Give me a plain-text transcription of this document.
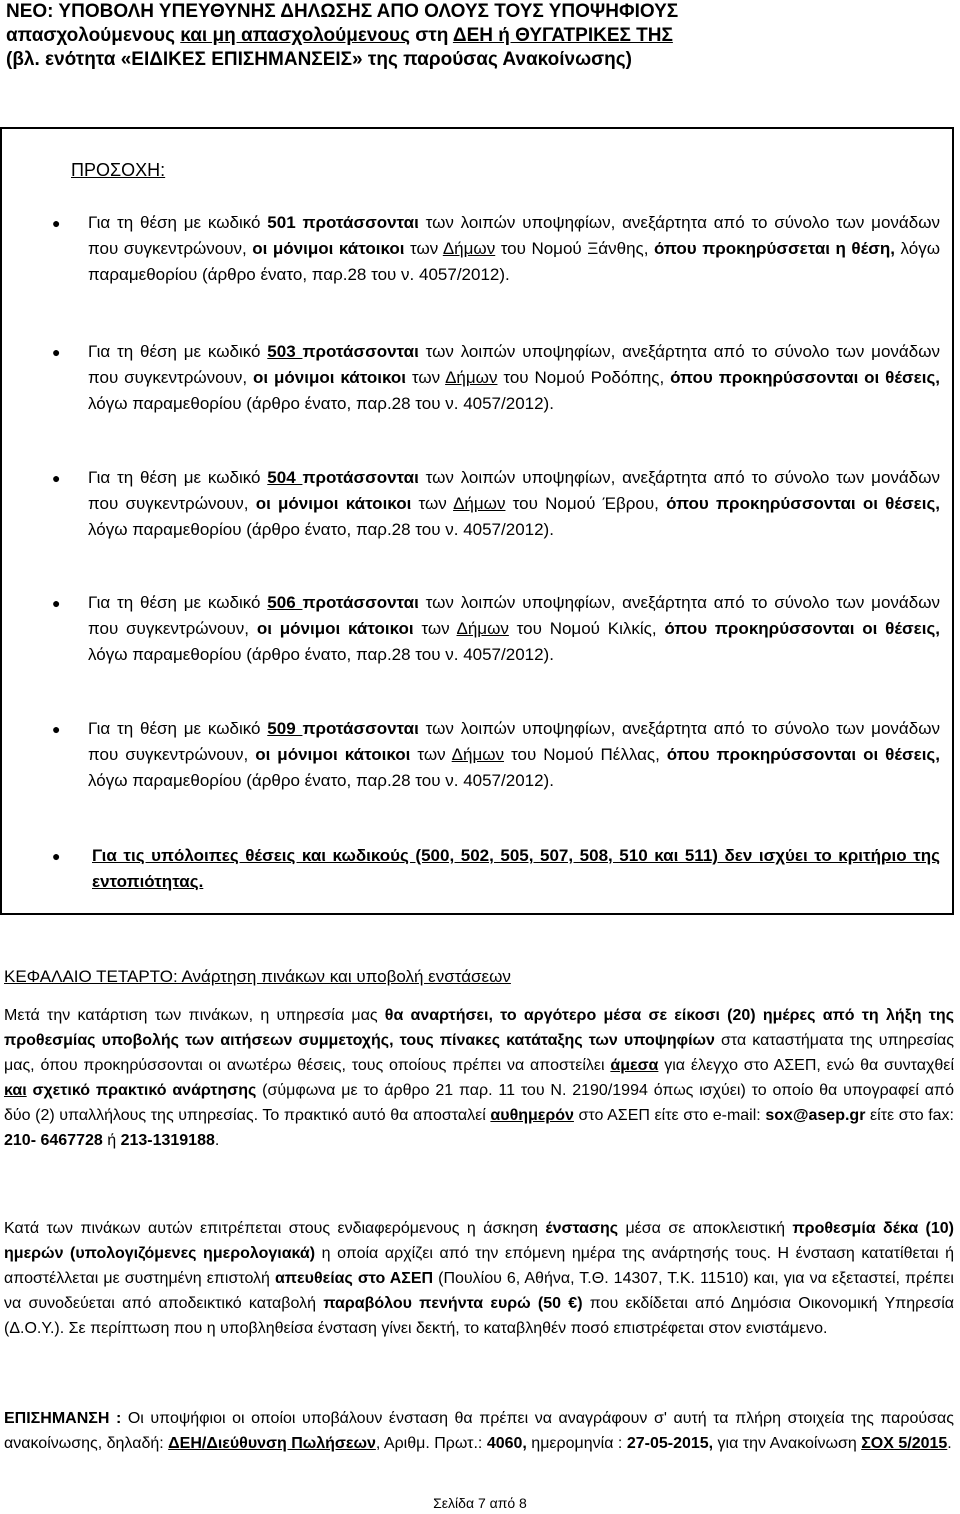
ΝΕΟ: ΥΠΟΒΟΛΗ ΥΠΕΥΘΥΝΗΣ ΔΗΛΩΣΗΣ ΑΠΟ ΟΛΟΥΣ ΤΟΥΣ ΥΠΟΨΗΦΙΟΥΣ
απασχολούμενους και μη απασχολούμενους στη ΔΕΗ ή ΘΥΓΑΤΡΙΚΕΣ ΤΗΣ
(βλ. ενότητα «ΕΙΔΙΚΕΣ ΕΠΙΣΗΜΑΝΣΕΙΣ» της παρούσας Ανακοίνωσης)
ΠΡΟΣΟΧΗ:

● Για τη θέση με κωδικό 501 προτάσσονται των λοιπών υποψηφίων, ανεξάρτητα από το σύνολο των μονάδων που συγκεντρώνουν, οι μόνιμοι κάτοικοι των Δήμων του Νομού Ξάνθης, όπου προκηρύσσεται η θέση, λόγω παραμεθορίου (άρθρο ένατο, παρ.28 του ν. 4057/2012).

● Για τη θέση με κωδικό 503 προτάσσονται των λοιπών υποψηφίων, ανεξάρτητα από το σύνολο των μονάδων που συγκεντρώνουν, οι μόνιμοι κάτοικοι των Δήμων του Νομού Ροδόπης, όπου προκηρύσσονται οι θέσεις, λόγω παραμεθορίου (άρθρο ένατο, παρ.28 του ν. 4057/2012).

● Για τη θέση με κωδικό 504 προτάσσονται των λοιπών υποψηφίων, ανεξάρτητα από το σύνολο των μονάδων που συγκεντρώνουν, οι μόνιμοι κάτοικοι των Δήμων του Νομού Έβρου, όπου προκηρύσσονται οι θέσεις, λόγω παραμεθορίου (άρθρο ένατο, παρ.28 του ν. 4057/2012).

● Για τη θέση με κωδικό 506 προτάσσονται των λοιπών υποψηφίων, ανεξάρτητα από το σύνολο των μονάδων που συγκεντρώνουν, οι μόνιμοι κάτοικοι των Δήμων του Νομού Κιλκίς, όπου προκηρύσσονται οι θέσεις, λόγω παραμεθορίου (άρθρο ένατο, παρ.28 του ν. 4057/2012).

● Για τη θέση με κωδικό 509 προτάσσονται των λοιπών υποψηφίων, ανεξάρτητα από το σύνολο των μονάδων που συγκεντρώνουν, οι μόνιμοι κάτοικοι των Δήμων του Νομού Πέλλας, όπου προκηρύσσονται οι θέσεις, λόγω παραμεθορίου (άρθρο ένατο, παρ.28 του ν. 4057/2012).

● Για τις υπόλοιπες θέσεις και κωδικούς (500, 502, 505, 507, 508, 510 και 511) δεν ισχύει το κριτήριο της εντοπιότητας.

ΚΕΦΑΛΑΙΟ ΤΕΤΑΡΤΟ: Ανάρτηση πινάκων και υποβολή ενστάσεων

Μετά την κατάρτιση των πινάκων, η υπηρεσία μας θα αναρτήσει, το αργότερο μέσα σε είκοσι (20) ημέρες από τη λήξη της προθεσμίας υποβολής των αιτήσεων συμμετοχής, τους πίνακες κατάταξης των υποψηφίων στα καταστήματα της υπηρεσίας μας, όπου προκηρύσσονται οι ανωτέρω θέσεις, τους οποίους πρέπει να αποστείλει άμεσα για έλεγχο στο ΑΣΕΠ, ενώ θα συνταχθεί και σχετικό πρακτικό ανάρτησης (σύμφωνα με το άρθρο 21 παρ. 11 του Ν. 2190/1994 όπως ισχύει) το οποίο θα υπογραφεί από δύο (2) υπαλλήλους της υπηρεσίας. Το πρακτικό αυτό θα αποσταλεί αυθημερόν στο ΑΣΕΠ είτε στο e-mail: sox@asep.gr είτε στο fax: 210- 6467728 ή 213-1319188.

Κατά των πινάκων αυτών επιτρέπεται στους ενδιαφερόμενους η άσκηση ένστασης μέσα σε αποκλειστική προθεσμία δέκα (10) ημερών (υπολογιζόμενες ημερολογιακά) η οποία αρχίζει από την επόμενη ημέρα της ανάρτησής τους. Η ένσταση κατατίθεται ή αποστέλλεται με συστημένη επιστολή απευθείας στο ΑΣΕΠ (Πουλίου 6, Αθήνα, Τ.Θ. 14307, Τ.Κ. 11510) και, για να εξεταστεί, πρέπει να συνοδεύεται από αποδεικτικό καταβολή παραβόλου πενήντα ευρώ (50 €) που εκδίδεται από Δημόσια Οικονομική Υπηρεσία (Δ.Ο.Υ.). Σε περίπτωση που η υποβληθείσα ένσταση γίνει δεκτή, το καταβληθέν ποσό επιστρέφεται στον ενιστάμενο.

ΕΠΙΣΗΜΑΝΣΗ : Οι υποψήφιοι οι οποίοι υποβάλουν ένσταση θα πρέπει να αναγράφουν σ' αυτή τα πλήρη στοιχεία της παρούσας ανακοίνωσης, δηλαδή: ΔΕΗ/Διεύθυνση Πωλήσεων, Αριθμ. Πρωτ.: 4060, ημερομηνία : 27-05-2015, για την Ανακοίνωση ΣΟΧ 5/2015.

Σελίδα 7 από 8
